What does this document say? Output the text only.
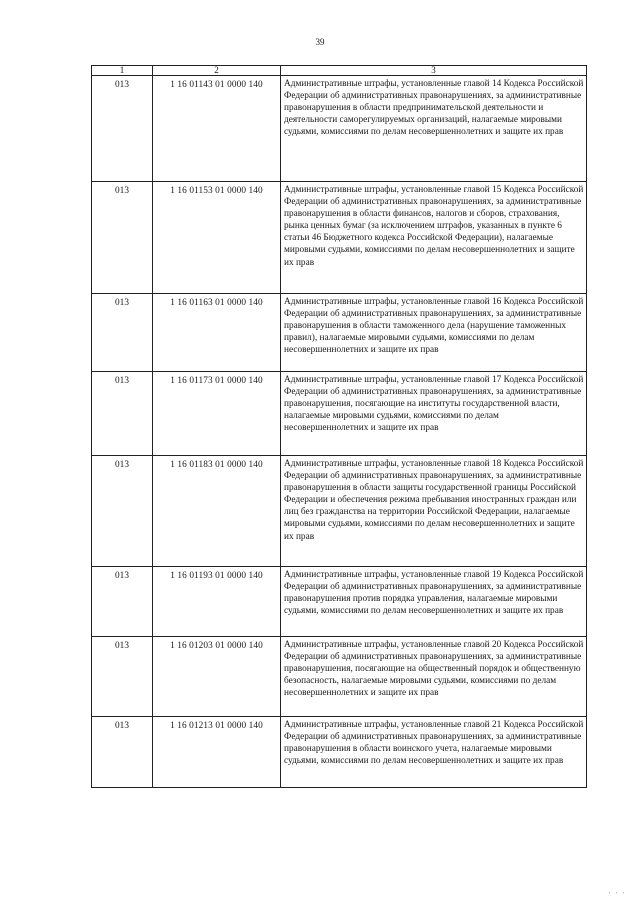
39
1	2	3
013	1 16 01143 01 0000 140	Административные штрафы, установленные главой 14 Кодекса Российской Федерации об административных правонарушениях, за административные правонарушения в области предпринимательской деятельности и деятельности саморегулируемых организаций, налагаемые мировыми судьями, комиссиями по делам несовершеннолетних и защите их прав
013	1 16 01153 01 0000 140	Административные штрафы, установленные главой 15 Кодекса Российской Федерации об административных правонарушениях, за административные правонарушения в области финансов, налогов и сборов, страхования, рынка ценных бумаг (за исключением штрафов, указанных в пункте 6 статьи 46 Бюджетного кодекса Российской Федерации), налагаемые мировыми судьями, комиссиями по делам несовершеннолетних и защите их прав
013	1 16 01163 01 0000 140	Административные штрафы, установленные главой 16 Кодекса Российской Федерации об административных правонарушениях, за административные правонарушения в области таможенного дела (нарушение таможенных правил), налагаемые мировыми судьями, комиссиями по делам несовершеннолетних и защите их прав
013	1 16 01173 01 0000 140	Административные штрафы, установленные главой 17 Кодекса Российской Федерации об административных правонарушениях, за административные правонарушения, посягающие на институты государственной власти, налагаемые мировыми судьями, комиссиями по делам несовершеннолетних и защите их прав
013	1 16 01183 01 0000 140	Административные штрафы, установленные главой 18 Кодекса Российской Федерации об административных правонарушениях, за административные правонарушения в области защиты государственной границы Российской Федерации и обеспечения режима пребывания иностранных граждан или лиц без гражданства на территории Российской Федерации, налагаемые мировыми судьями, комиссиями по делам несовершеннолетних и защите их прав
013	1 16 01193 01 0000 140	Административные штрафы, установленные главой 19 Кодекса Российской Федерации об административных правонарушениях, за административные правонарушения против порядка управления, налагаемые мировыми судьями, комиссиями по делам несовершеннолетних и защите их прав
013	1 16 01203 01 0000 140	Административные штрафы, установленные главой 20 Кодекса Российской Федерации об административных правонарушениях, за административные правонарушения, посягающие на общественный порядок и общественную безопасность, налагаемые мировыми судьями, комиссиями по делам несовершеннолетних и защите их прав
013	1 16 01213 01 0000 140	Административные штрафы, установленные главой 21 Кодекса Российской Федерации об административных правонарушениях, за административные правонарушения в области воинского учета, налагаемые мировыми судьями, комиссиями по делам несовершеннолетних и защите их прав
' ' '
